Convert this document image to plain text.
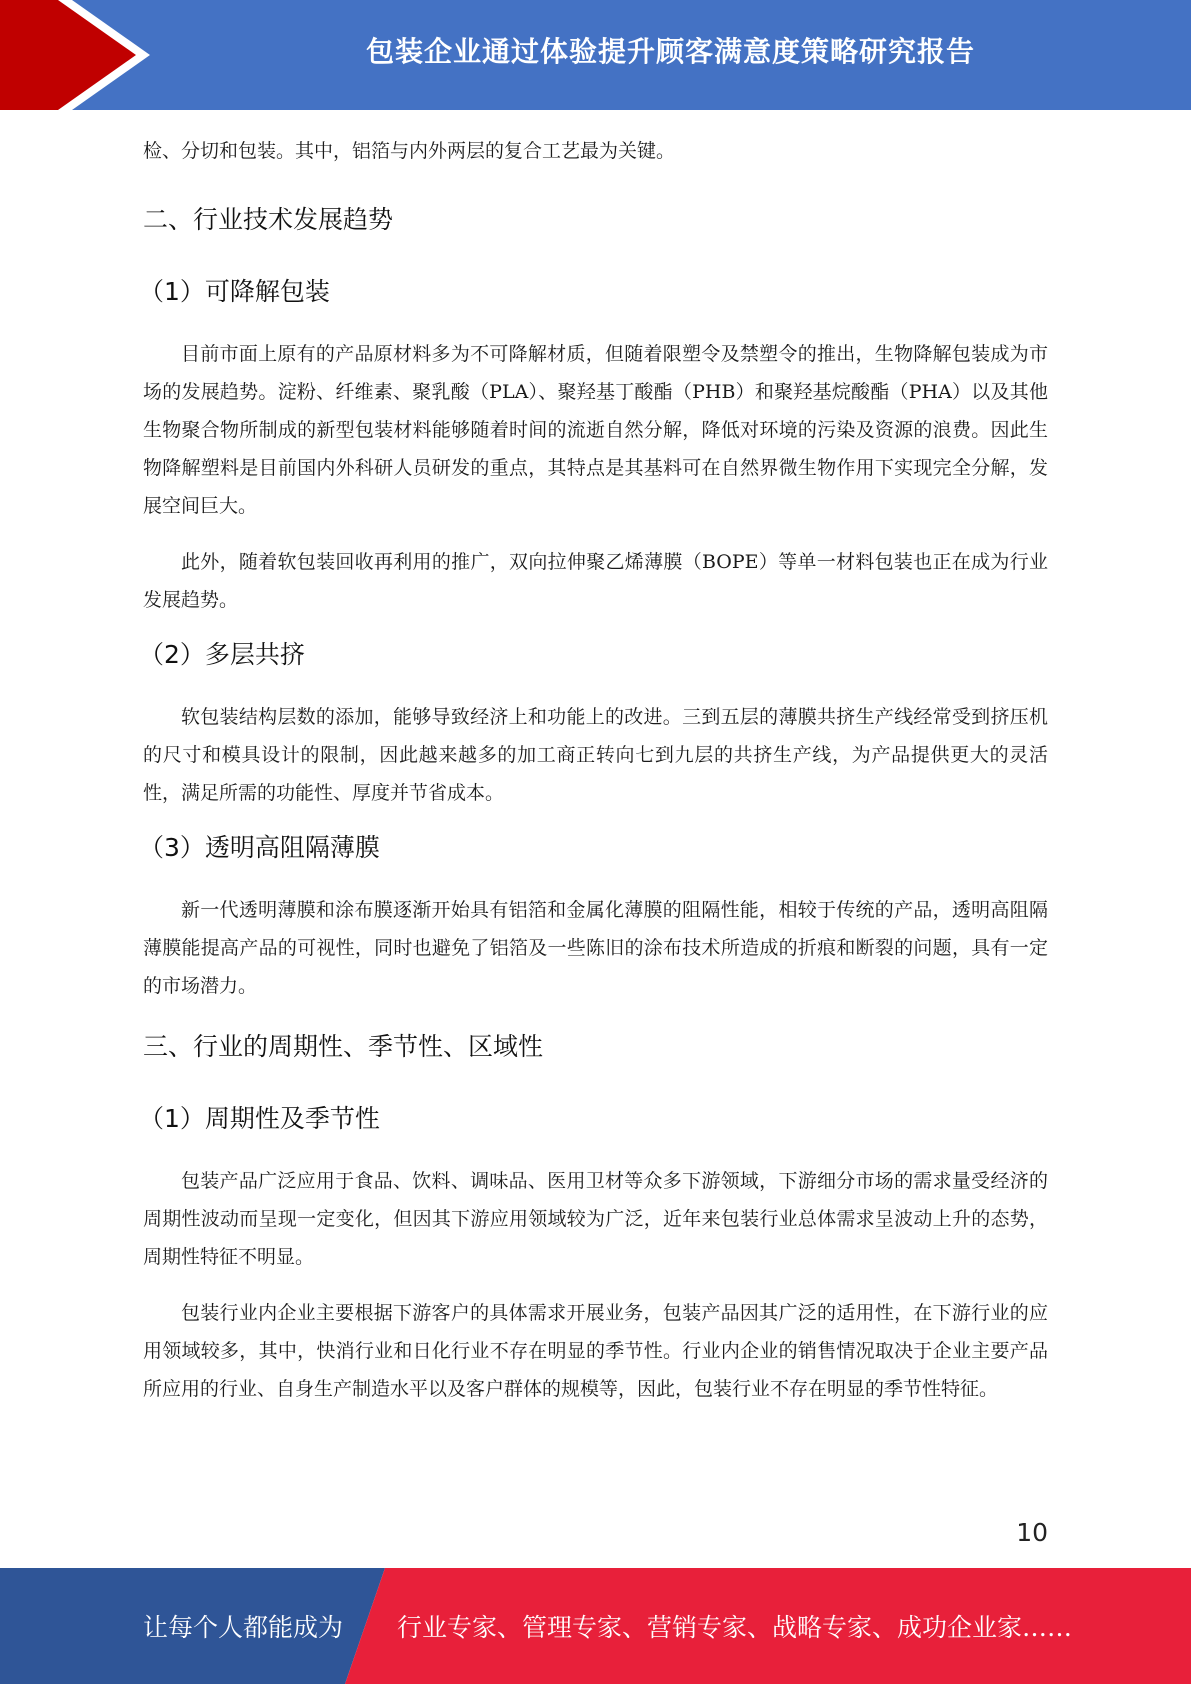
包装企业通过体验提升顾客满意度策略研究报告

检、分切和包装。其中，铝箔与内外两层的复合工艺最为关键。

二、行业技术发展趋势
（1）可降解包装

目前市面上原有的产品原材料多为不可降解材质，但随着限塑令及禁塑令的推出，生物降解包装成为市场的发展趋势。淀粉、纤维素、聚乳酸（PLA）、聚羟基丁酸酯（PHB）和聚羟基烷酸酯（PHA）以及其他生物聚合物所制成的新型包装材料能够随着时间的流逝自然分解，降低对环境的污染及资源的浪费。因此生物降解塑料是目前国内外科研人员研发的重点，其特点是其基料可在自然界微生物作用下实现完全分解，发展空间巨大。

此外，随着软包装回收再利用的推广，双向拉伸聚乙烯薄膜（BOPE）等单一材料包装也正在成为行业发展趋势。

（2）多层共挤

软包装结构层数的添加，能够导致经济上和功能上的改进。三到五层的薄膜共挤生产线经常受到挤压机的尺寸和模具设计的限制，因此越来越多的加工商正转向七到九层的共挤生产线，为产品提供更大的灵活性，满足所需的功能性、厚度并节省成本。

（3）透明高阻隔薄膜

新一代透明薄膜和涂布膜逐渐开始具有铝箔和金属化薄膜的阻隔性能，相较于传统的产品，透明高阻隔薄膜能提高产品的可视性，同时也避免了铝箔及一些陈旧的涂布技术所造成的折痕和断裂的问题，具有一定的市场潜力。

三、行业的周期性、季节性、区域性
（1）周期性及季节性

包装产品广泛应用于食品、饮料、调味品、医用卫材等众多下游领域，下游细分市场的需求量受经济的周期性波动而呈现一定变化，但因其下游应用领域较为广泛，近年来包装行业总体需求呈波动上升的态势，周期性特征不明显。

包装行业内企业主要根据下游客户的具体需求开展业务，包装产品因其广泛的适用性，在下游行业的应用领域较多，其中，快消行业和日化行业不存在明显的季节性。行业内企业的销售情况取决于企业主要产品所应用的行业、自身生产制造水平以及客户群体的规模等，因此，包装行业不存在明显的季节性特征。

10
让每个人都能成为 行业专家、管理专家、营销专家、战略专家、成功企业家……
